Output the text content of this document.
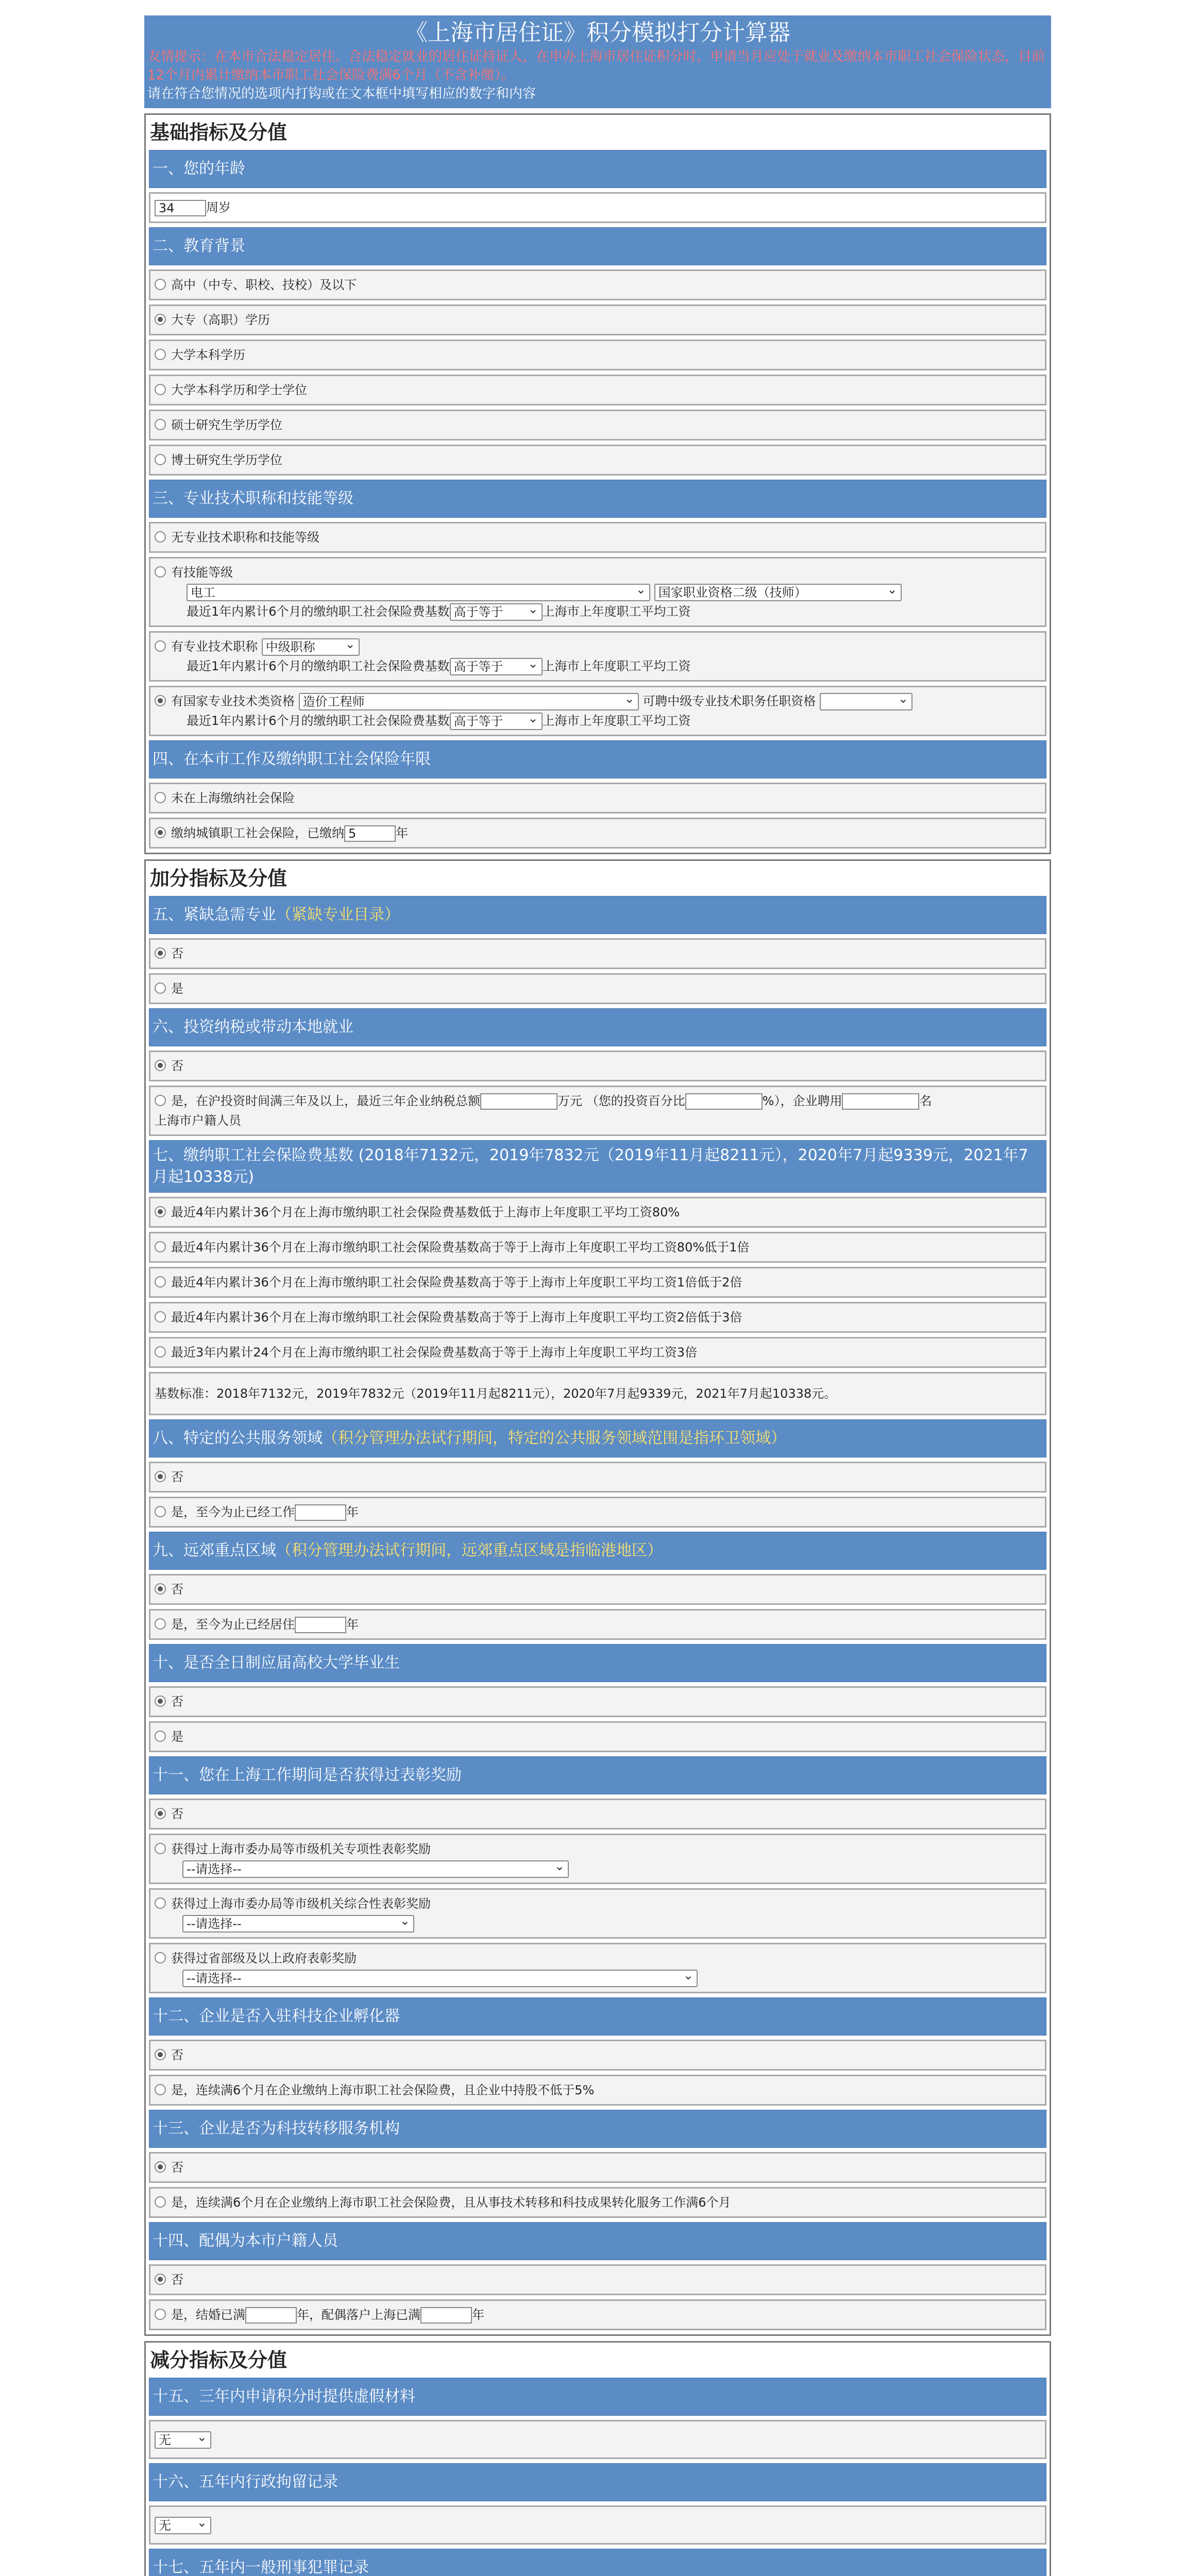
《上海市居住证》积分模拟打分计算器
友情提示：在本市合法稳定居住、合法稳定就业的居住证持证人，在申办上海市居住证积分时，申请当月应处于就业及缴纳本市职工社会保险状态，目前12个月内累计缴纳本市职工社会保险费满6个月（不含补缴）。
请在符合您情况的选项内打钩或在文本框中填写相应的数字和内容
基础指标及分值
一、您的年龄
34	周岁
二、教育背景
高中（中专、职校、技校）及以下
大专（高职）学历
大学本科学历
大学本科学历和学士学位
硕士研究生学历学位
博士研究生学历学位
三、专业技术职称和技能等级
无专业技术职称和技能等级
有技能等级
电工 ⌄	国家职业资格二级（技师） ⌄
最近1年内累计6个月的缴纳职工社会保险费基数 高于等于 ⌄	上海市上年度职工平均工资
有专业技术职称 中级职称 ⌄
最近1年内累计6个月的缴纳职工社会保险费基数 高于等于 ⌄	上海市上年度职工平均工资
有国家专业技术类资格 造价工程师 ⌄	可聘中级专业技术职务任职资格 ⌄
最近1年内累计6个月的缴纳职工社会保险费基数 高于等于 ⌄	上海市上年度职工平均工资
四、在本市工作及缴纳职工社会保险年限
未在上海缴纳社会保险
缴纳城镇职工社会保险，已缴纳 5	年
加分指标及分值
五、紧缺急需专业（紧缺专业目录）
否
是
六、投资纳税或带动本地就业
否
是，在沪投资时间满三年及以上，最近三年企业纳税总额	万元 （您的投资百分比	%），企业聘用	名
上海市户籍人员
七、缴纳职工社会保险费基数 (2018年7132元，2019年7832元（2019年11月起8211元），2020年7月起9339元，2021年7月起10338元)
最近4年内累计36个月在上海市缴纳职工社会保险费基数低于上海市上年度职工平均工资80%
最近4年内累计36个月在上海市缴纳职工社会保险费基数高于等于上海市上年度职工平均工资80%低于1倍
最近4年内累计36个月在上海市缴纳职工社会保险费基数高于等于上海市上年度职工平均工资1倍低于2倍
最近4年内累计36个月在上海市缴纳职工社会保险费基数高于等于上海市上年度职工平均工资2倍低于3倍
最近3年内累计24个月在上海市缴纳职工社会保险费基数高于等于上海市上年度职工平均工资3倍
基数标准：2018年7132元，2019年7832元（2019年11月起8211元），2020年7月起9339元，2021年7月起10338元。
八、特定的公共服务领域（积分管理办法试行期间，特定的公共服务领域范围是指环卫领域）
否
是，至今为止已经工作	年
九、远郊重点区域（积分管理办法试行期间，远郊重点区域是指临港地区）
否
是，至今为止已经居住	年
十、是否全日制应届高校大学毕业生
否
是
十一、您在上海工作期间是否获得过表彰奖励
否
获得过上海市委办局等市级机关专项性表彰奖励
--请选择-- ⌄
获得过上海市委办局等市级机关综合性表彰奖励
--请选择-- ⌄
获得过省部级及以上政府表彰奖励
--请选择-- ⌄
十二、企业是否入驻科技企业孵化器
否
是，连续满6个月在企业缴纳上海市职工社会保险费，且企业中持股不低于5%
十三、企业是否为科技转移服务机构
否
是，连续满6个月在企业缴纳上海市职工社会保险费，且从事技术转移和科技成果转化服务工作满6个月
十四、配偶为本市户籍人员
否
是，结婚已满	年，配偶落户上海已满	年
减分指标及分值
十五、三年内申请积分时提供虚假材料
无 ⌄
十六、五年内行政拘留记录
无 ⌄
十七、五年内一般刑事犯罪记录
